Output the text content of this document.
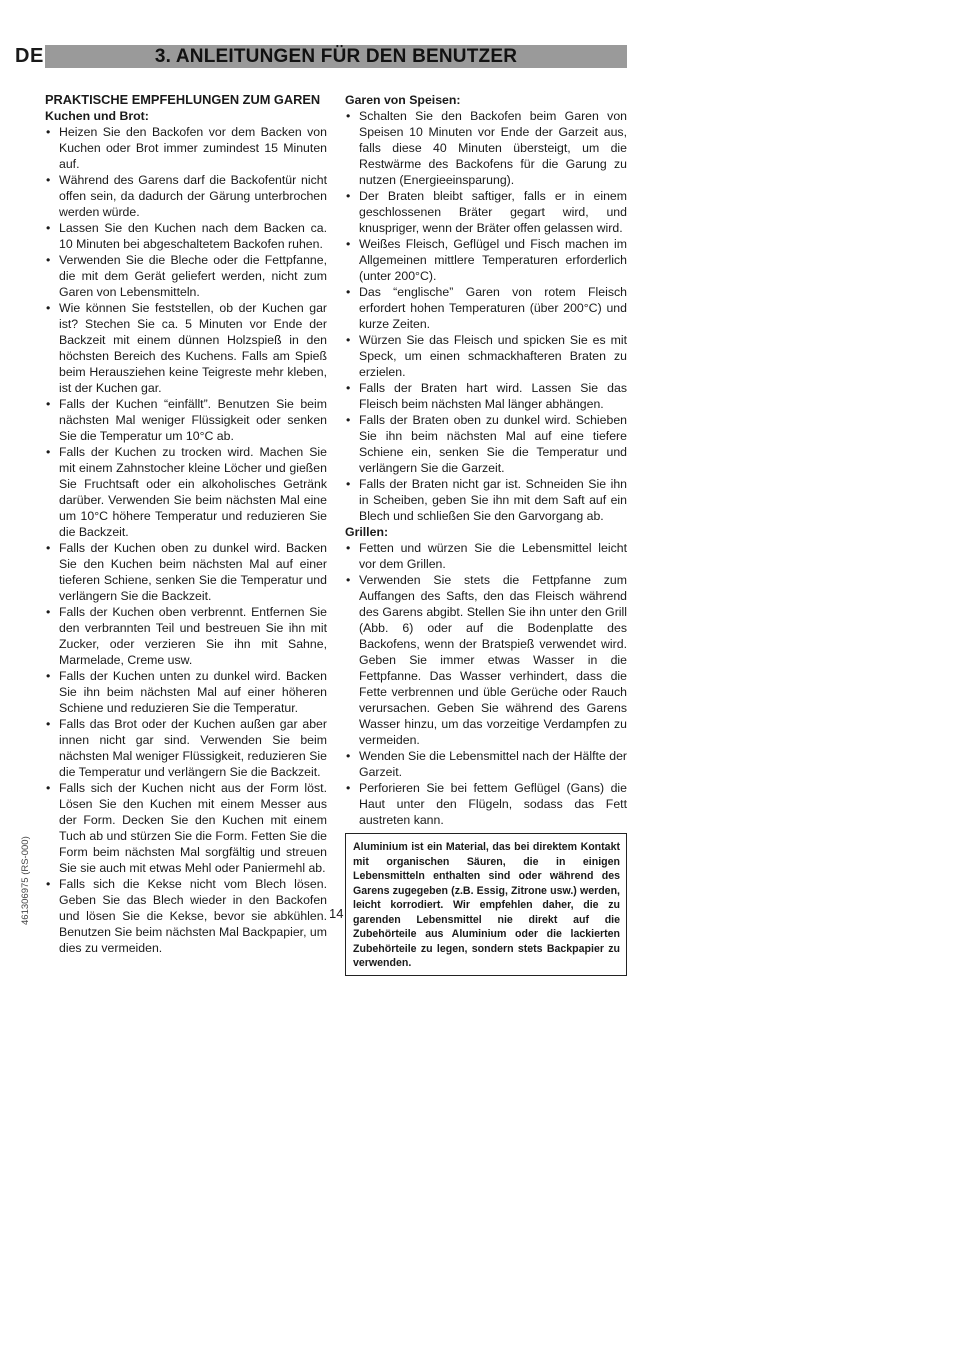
DE	3. ANLEITUNGEN FÜR DEN BENUTZER
PRAKTISCHE EMPFEHLUNGEN ZUM GAREN
Kuchen und Brot:
• Heizen Sie den Backofen vor dem Backen von Kuchen oder Brot immer zumindest 15 Minuten auf.
• Während des Garens darf die Backofentür nicht offen sein, da dadurch der Gärung unterbrochen werden würde.
• Lassen Sie den Kuchen nach dem Backen ca. 10 Minuten bei abgeschaltetem Backofen ruhen.
• Verwenden Sie die Bleche oder die Fettpfanne, die mit dem Gerät geliefert werden, nicht zum Garen von Lebensmitteln.
• Wie können Sie feststellen, ob der Kuchen gar ist? Stechen Sie ca. 5 Minuten vor Ende der Backzeit mit einem dünnen Holzspieß in den höchsten Bereich des Kuchens. Falls am Spieß beim Herausziehen keine Teigreste mehr kleben, ist der Kuchen gar.
• Falls der Kuchen “einfällt”. Benutzen Sie beim nächsten Mal weniger Flüssigkeit oder senken Sie die Temperatur um 10°C ab.
• Falls der Kuchen zu trocken wird. Machen Sie mit einem Zahnstocher kleine Löcher und gießen Sie Fruchtsaft oder ein alkoholisches Getränk darüber. Verwenden Sie beim nächsten Mal eine um 10°C höhere Temperatur und reduzieren Sie die Backzeit.
• Falls der Kuchen oben zu dunkel wird. Backen Sie den Kuchen beim nächsten Mal auf einer tieferen Schiene, senken Sie die Temperatur und verlängern Sie die Backzeit.
• Falls der Kuchen oben verbrennt. Entfernen Sie den verbrannten Teil und bestreuen Sie ihn mit Zucker, oder verzieren Sie ihn mit Sahne, Marmelade, Creme usw.
• Falls der Kuchen unten zu dunkel wird. Backen Sie ihn beim nächsten Mal auf einer höheren Schiene und reduzieren Sie die Temperatur.
• Falls das Brot oder der Kuchen außen gar aber innen nicht gar sind. Verwenden Sie beim nächsten Mal weniger Flüssigkeit, reduzieren Sie die Temperatur und verlängern Sie die Backzeit.
• Falls sich der Kuchen nicht aus der Form löst. Lösen Sie den Kuchen mit einem Messer aus der Form. Decken Sie den Kuchen mit einem Tuch ab und stürzen Sie die Form. Fetten Sie die Form beim nächsten Mal sorgfältig und streuen Sie sie auch mit etwas Mehl oder Paniermehl ab.
• Falls sich die Kekse nicht vom Blech lösen. Geben Sie das Blech wieder in den Backofen und lösen Sie die Kekse, bevor sie abkühlen. Benutzen Sie beim nächsten Mal Backpapier, um dies zu vermeiden.
Garen von Speisen:
• Schalten Sie den Backofen beim Garen von Speisen 10 Minuten vor Ende der Garzeit aus, falls diese 40 Minuten übersteigt, um die Restwärme des Backofens für die Garung zu nutzen (Energieeinsparung).
• Der Braten bleibt saftiger, falls er in einem geschlossenen Bräter gegart wird, und knuspriger, wenn der Bräter offen gelassen wird.
• Weißes Fleisch, Geflügel und Fisch machen im Allgemeinen mittlere Temperaturen erforderlich (unter 200°C).
• Das “englische” Garen von rotem Fleisch erfordert hohen Temperaturen (über 200°C) und kurze Zeiten.
• Würzen Sie das Fleisch und spicken Sie es mit Speck, um einen schmackhafteren Braten zu erzielen.
• Falls der Braten hart wird. Lassen Sie das Fleisch beim nächsten Mal länger abhängen.
• Falls der Braten oben zu dunkel wird. Schieben Sie ihn beim nächsten Mal auf eine tiefere Schiene ein, senken Sie die Temperatur und verlängern Sie die Garzeit.
• Falls der Braten nicht gar ist. Schneiden Sie ihn in Scheiben, geben Sie ihn mit dem Saft auf ein Blech und schließen Sie den Garvorgang ab.
Grillen:
• Fetten und würzen Sie die Lebensmittel leicht vor dem Grillen.
• Verwenden Sie stets die Fettpfanne zum Auffangen des Safts, den das Fleisch während des Garens abgibt. Stellen Sie ihn unter den Grill (Abb. 6) oder auf die Bodenplatte des Backofens, wenn der Bratspieß verwendet wird. Geben Sie immer etwas Wasser in die Fettpfanne. Das Wasser verhindert, dass die Fette verbrennen und üble Gerüche oder Rauch verursachen. Geben Sie während des Garens Wasser hinzu, um das vorzeitige Verdampfen zu vermeiden.
• Wenden Sie die Lebensmittel nach der Hälfte der Garzeit.
• Perforieren Sie bei fettem Geflügel (Gans) die Haut unter den Flügeln, sodass das Fett austreten kann.
Aluminium ist ein Material, das bei direktem Kontakt mit organischen Säuren, die in einigen Lebensmitteln enthalten sind oder während des Garens zugegeben (z.B. Essig, Zitrone usw.) werden, leicht korrodiert. Wir empfehlen daher, die zu garenden Lebensmittel nie direkt auf die Zubehörteile aus Aluminium oder die lackierten Zubehörteile zu legen, sondern stets Backpapier zu verwenden.
14
461306975 (RS-000)
